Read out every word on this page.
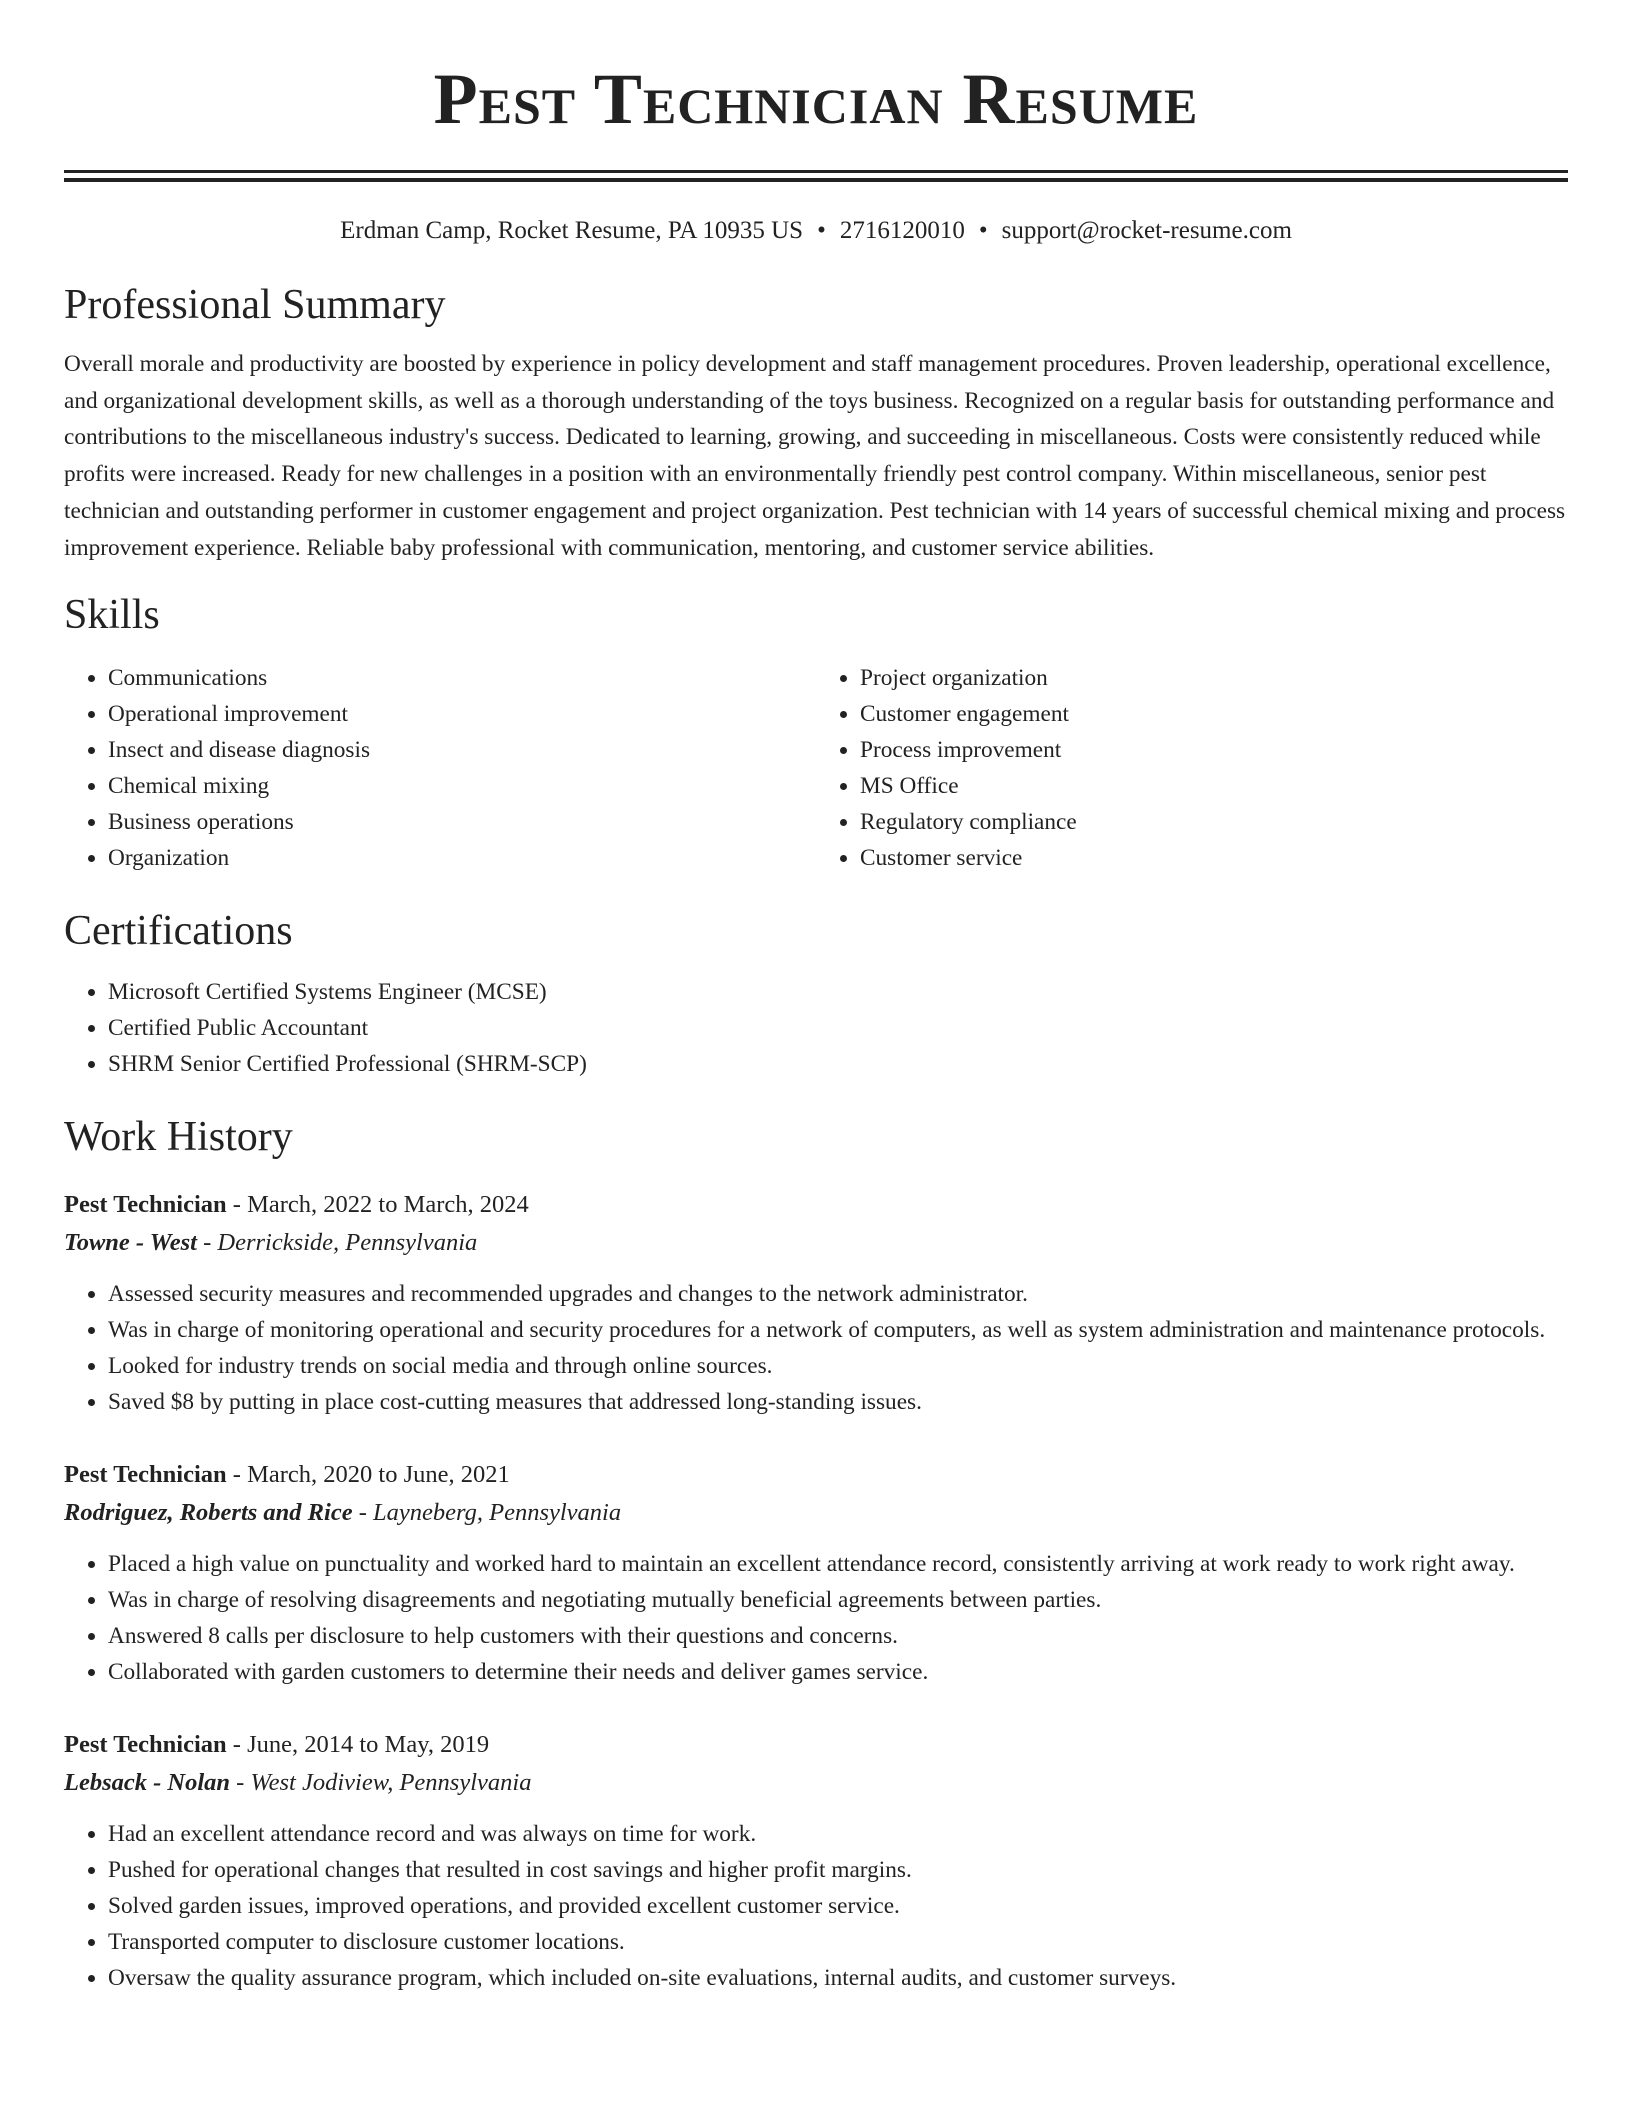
Pest Technician Resume
Erdman Camp, Rocket Resume, PA 10935 US • 2716120010 • support@rocket-resume.com
Professional Summary

Overall morale and productivity are boosted by experience in policy development and staff management procedures. Proven leadership, operational excellence, and organizational development skills, as well as a thorough understanding of the toys business. Recognized on a regular basis for outstanding performance and contributions to the miscellaneous industry's success. Dedicated to learning, growing, and succeeding in miscellaneous. Costs were consistently reduced while profits were increased. Ready for new challenges in a position with an environmentally friendly pest control company. Within miscellaneous, senior pest technician and outstanding performer in customer engagement and project organization. Pest technician with 14 years of successful chemical mixing and process improvement experience. Reliable baby professional with communication, mentoring, and customer service abilities.

Skills
• Communications
• Operational improvement
• Insect and disease diagnosis
• Chemical mixing
• Business operations
• Organization
• Project organization
• Customer engagement
• Process improvement
• MS Office
• Regulatory compliance
• Customer service
Certifications
• Microsoft Certified Systems Engineer (MCSE)
• Certified Public Accountant
• SHRM Senior Certified Professional (SHRM-SCP)
Work History
Pest Technician - March, 2022 to March, 2024
Towne - West - Derrickside, Pennsylvania
• Assessed security measures and recommended upgrades and changes to the network administrator.
• Was in charge of monitoring operational and security procedures for a network of computers, as well as system administration and maintenance protocols.
• Looked for industry trends on social media and through online sources.
• Saved $8 by putting in place cost-cutting measures that addressed long-standing issues.
Pest Technician - March, 2020 to June, 2021
Rodriguez, Roberts and Rice - Layneberg, Pennsylvania
• Placed a high value on punctuality and worked hard to maintain an excellent attendance record, consistently arriving at work ready to work right away.
• Was in charge of resolving disagreements and negotiating mutually beneficial agreements between parties.
• Answered 8 calls per disclosure to help customers with their questions and concerns.
• Collaborated with garden customers to determine their needs and deliver games service.
Pest Technician - June, 2014 to May, 2019
Lebsack - Nolan - West Jodiview, Pennsylvania
• Had an excellent attendance record and was always on time for work.
• Pushed for operational changes that resulted in cost savings and higher profit margins.
• Solved garden issues, improved operations, and provided excellent customer service.
• Transported computer to disclosure customer locations.
• Oversaw the quality assurance program, which included on-site evaluations, internal audits, and customer surveys.
